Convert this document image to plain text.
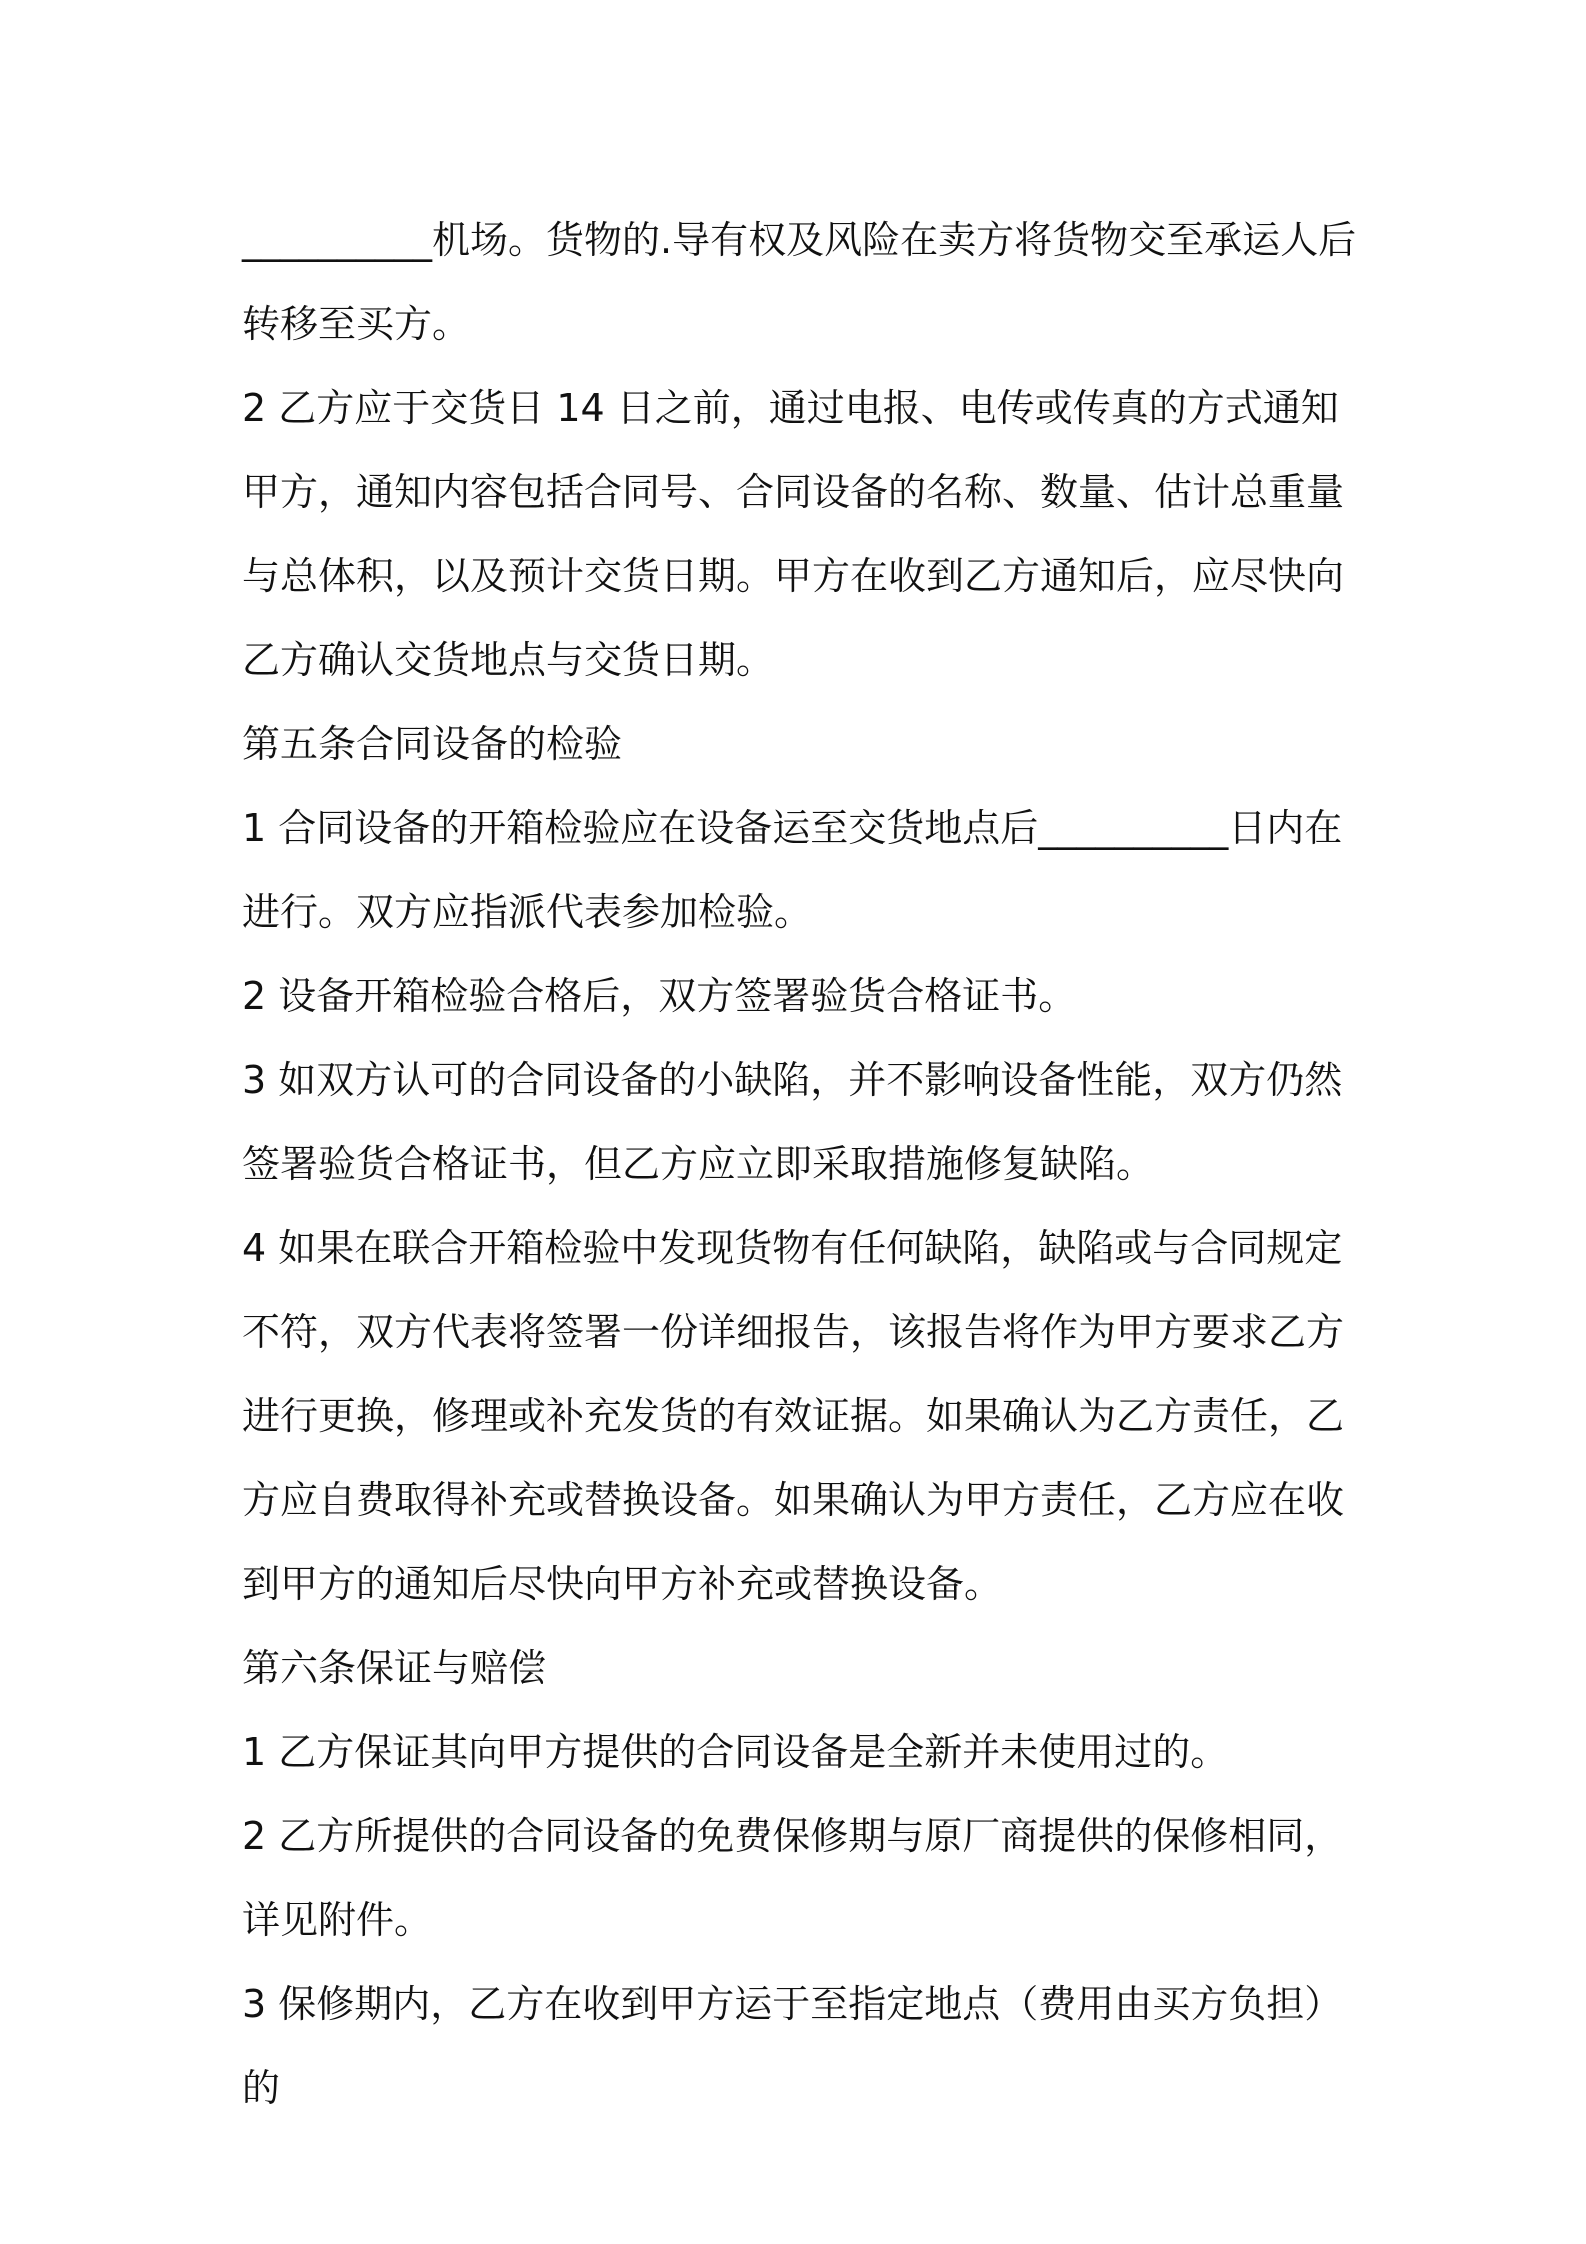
__________机场。货物的.导有权及风险在卖方将货物交至承运人后转移至买方。

2 乙方应于交货日 14 日之前，通过电报、电传或传真的方式通知甲方，通知内容包括合同号、合同设备的名称、数量、估计总重量与总体积，以及预计交货日期。甲方在收到乙方通知后，应尽快向乙方确认交货地点与交货日期。

第五条合同设备的检验

1 合同设备的开箱检验应在设备运至交货地点后__________日内在进行。双方应指派代表参加检验。

2 设备开箱检验合格后，双方签署验货合格证书。

3 如双方认可的合同设备的小缺陷，并不影响设备性能，双方仍然签署验货合格证书，但乙方应立即采取措施修复缺陷。

4 如果在联合开箱检验中发现货物有任何缺陷，缺陷或与合同规定不符，双方代表将签署一份详细报告，该报告将作为甲方要求乙方进行更换，修理或补充发货的有效证据。如果确认为乙方责任，乙方应自费取得补充或替换设备。如果确认为甲方责任，乙方应在收到甲方的通知后尽快向甲方补充或替换设备。

第六条保证与赔偿

1 乙方保证其向甲方提供的合同设备是全新并未使用过的。

2 乙方所提供的合同设备的免费保修期与原厂商提供的保修相同，详见附件。

3 保修期内，乙方在收到甲方运于至指定地点（费用由买方负担）的
